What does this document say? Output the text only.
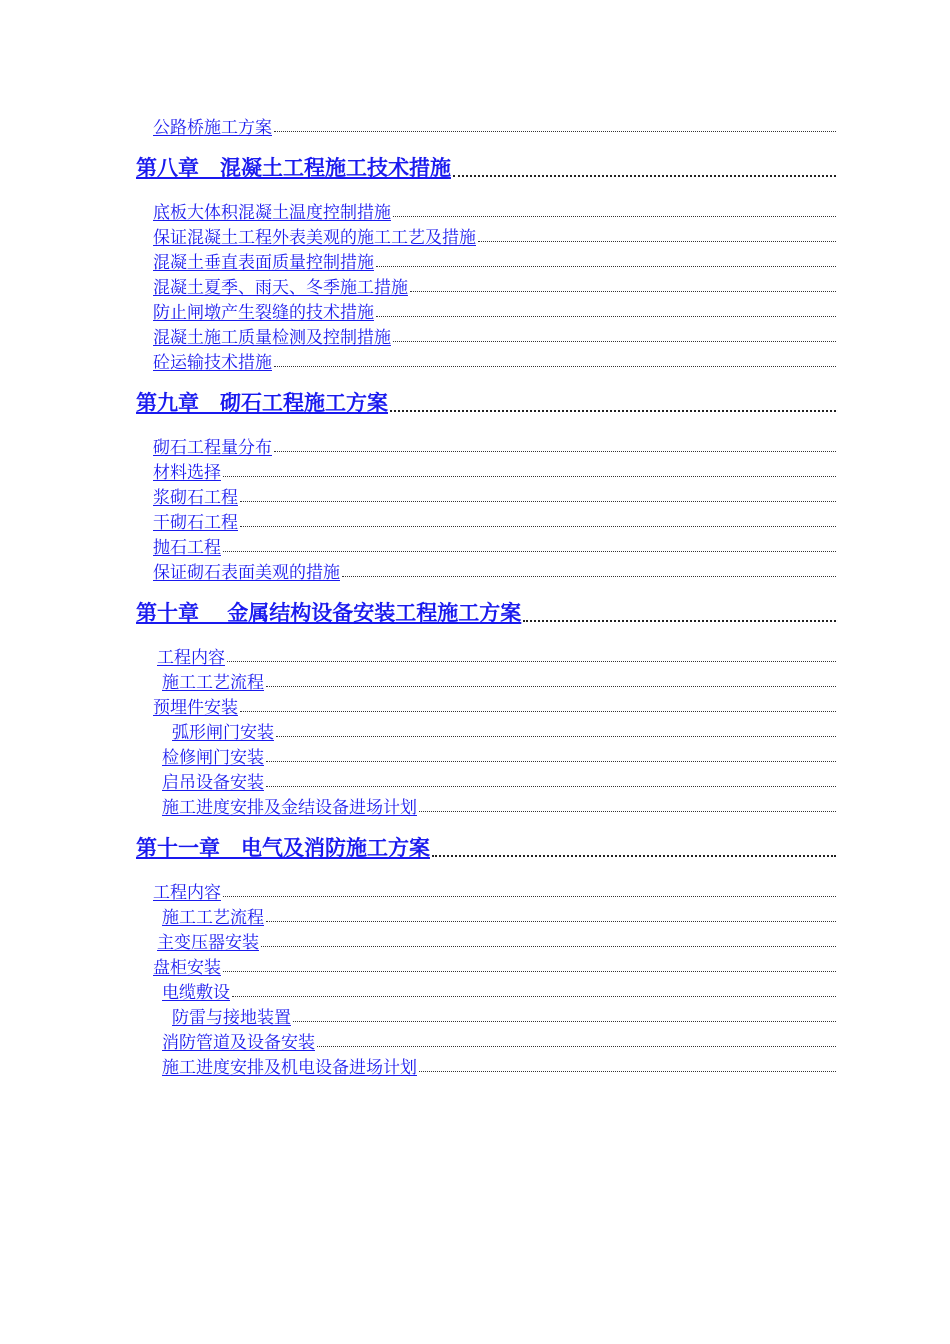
公路桥施工方案
第八章　混凝土工程施工技术措施
底板大体积混凝土温度控制措施
保证混凝土工程外表美观的施工工艺及措施
混凝土垂直表面质量控制措施
混凝土夏季、雨天、冬季施工措施
防止闸墩产生裂缝的技术措施
混凝土施工质量检测及控制措施
砼运输技术措施
第九章　砌石工程施工方案
砌石工程量分布
材料选择
浆砌石工程
干砌石工程
抛石工程
保证砌石表面美观的措施
第十章　 金属结构设备安装工程施工方案
工程内容
施工工艺流程
预埋件安装
弧形闸门安装
检修闸门安装
启吊设备安装
施工进度安排及金结设备进场计划
第十一章　电气及消防施工方案
工程内容
施工工艺流程
主变压器安装
盘柜安装
电缆敷设
防雷与接地装置
消防管道及设备安装
施工进度安排及机电设备进场计划
